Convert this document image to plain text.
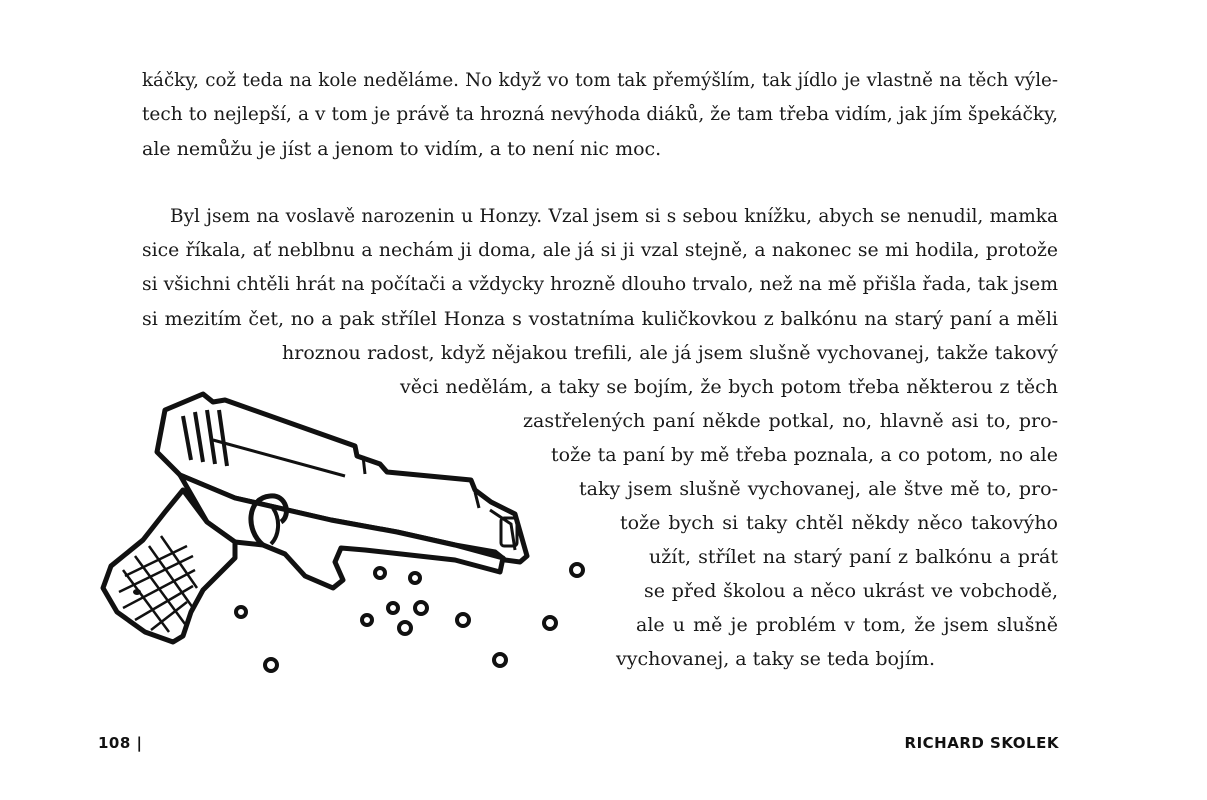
káčky, což teda na kole neděláme. No když vo tom tak přemýšlím, tak jídlo je vlastně na těch výle-
tech to nejlepší, a v tom je právě ta hrozná nevýhoda diáků, že tam třeba vidím, jak jím špekáčky,
ale nemůžu je jíst a jenom to vidím, a to není nic moc.
Byl jsem na voslavě narozenin u Honzy. Vzal jsem si s sebou knížku, abych se nenudil, mamka
sice říkala, ať neblbnu a nechám ji doma, ale já si ji vzal stejně, a nakonec se mi hodila, protože
si všichni chtěli hrát na počítači a vždycky hrozně dlouho trvalo, než na mě přišla řada, tak jsem
si mezitím čet, no a pak střílel Honza s vostatníma kuličkovkou z balkónu na starý paní a měli
hroznou radost, když nějakou trefili, ale já jsem slušně vychovanej, takže takový
věci nedělám, a taky se bojím, že bych potom třeba některou z těch
zastřelených paní někde potkal, no, hlavně asi to, pro-
tože ta paní by mě třeba poznala, a co potom, no ale
taky jsem slušně vychovanej, ale štve mě to, pro-
tože bych si taky chtěl někdy něco takovýho
užít, střílet na starý paní z balkónu a prát
se před školou a něco ukrást ve vobchodě,
ale u mě je problém v tom, že jsem slušně
vychovanej, a taky se teda bojím.
108 |	RICHARD SKOLEK
